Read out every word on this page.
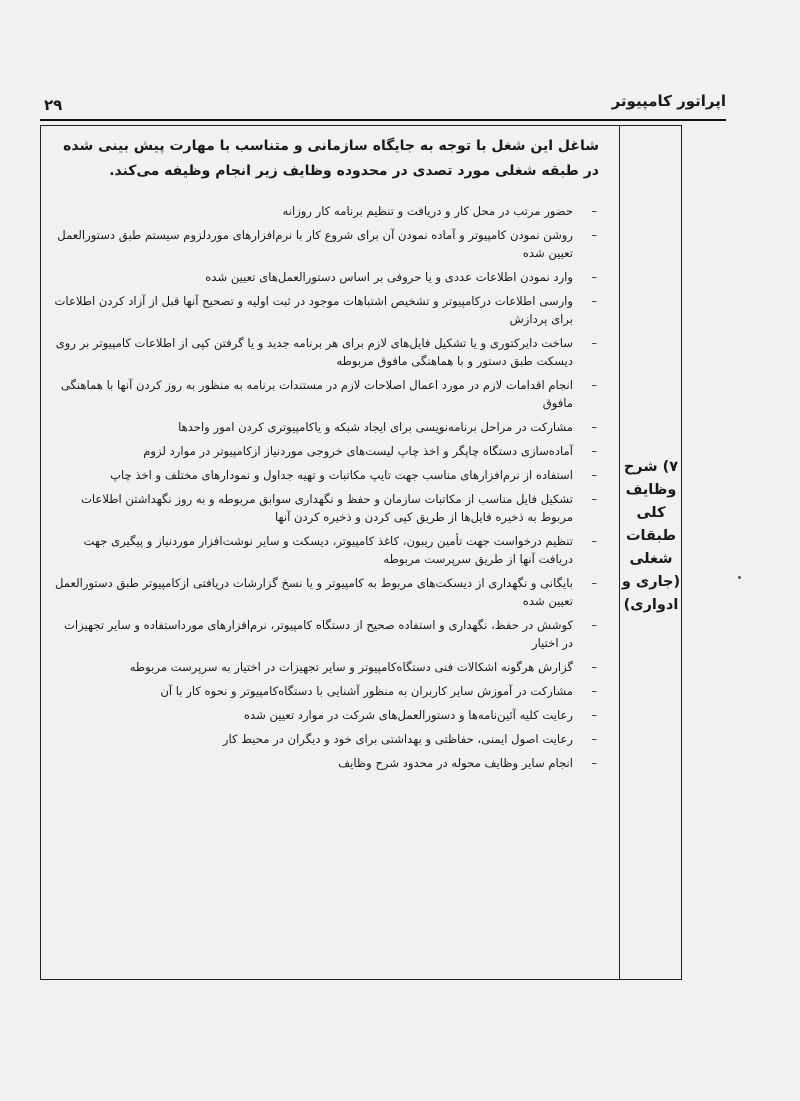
اپراتور کامپیوتر
۲۹
۷) شرح
وظایف
کلی
طبقات
شغلی
(جاری و
ادواری)

شاغل این شغل با توجه به جایگاه سازمانی و متناسب با مهارت پیش بینی شده در طبقه شغلی مورد تصدی در محدوده وظایف زیر انجام وظیفه می‌کند.

–
حضور مرتب در محل کار و دریافت و تنظیم برنامه کار روزانه
–
روشن نمودن کامپیوتر و آماده نمودن آن برای شروع کار با نرم‌افزارهای موردلزوم سیستم طبق دستورالعمل تعیین شده
–
وارد نمودن اطلاعات عددی و یا حروفی بر اساس دستورالعمل‌های تعیین شده
–
وارسی اطلاعات درکامپیوتر و تشخیص اشتباهات موجود در ثبت اولیه و تصحیح آنها قبل از آزاد کردن اطلاعات برای پردازش
–
ساخت دایرکتوری و یا تشکیل فایل‌های لازم برای هر برنامه جدید و یا گرفتن کپی از اطلاعات کامپیوتر بر روی دیسکت طبق دستور و با هماهنگی مافوق مربوطه
–
انجام اقدامات لازم در مورد اعمال اصلاحات لازم در مستندات برنامه به منظور به روز کردن آنها با هماهنگی مافوق
–
مشارکت در مراحل برنامه‌نویسی برای ایجاد شبکه و یاکامپیوتری کردن امور واحدها
–
آماده‌سازی دستگاه چاپگر و اخذ چاپ لیست‌های خروجی موردنیاز ازکامپیوتر در موارد لزوم
–
استفاده از نرم‌افزارهای مناسب جهت تایپ مکاتبات و تهیه جداول و نمودارهای مختلف و اخذ چاپ
–
تشکیل فایل مناسب از مکاتبات سازمان و حفظ و نگهداری سوابق مربوطه و به روز نگهداشتن اطلاعات مربوط به ذخیره فایل‌ها از طریق کپی کردن و ذخیره کردن آنها
–
تنظیم درخواست جهت تأمین ریبون، کاغذ کامپیوتر، دیسکت و سایر نوشت‌افزار موردنیاز و پیگیری جهت دریافت آنها از طریق سرپرست مربوطه
–
بایگانی و نگهداری از دیسکت‌های مربوط به کامپیوتر و یا نسخ گزارشات دریافتی ازکامپیوتر طبق دستورالعمل تعیین شده
–
کوشش در حفظ، نگهداری و استفاده صحیح از دستگاه کامپیوتر، نرم‌افزارهای مورداستفاده و سایر تجهیزات در اختیار
–
گزارش هرگونه اشکالات فنی دستگاه‌کامپیوتر و سایر تجهیزات در اختیار به سرپرست مربوطه
–
مشارکت در آموزش سایر کاربران به منظور آشنایی با دستگاه‌کامپیوتر و نحوه کار با آن
–
رعایت کلیه آئین‌نامه‌ها و دستورالعمل‌های شرکت در موارد تعیین شده
–
رعایت اصول ایمنی، حفاظتی و بهداشتی برای خود و دیگران در محیط کار
–
انجام سایر وظایف محوله در محدود شرح وظایف
